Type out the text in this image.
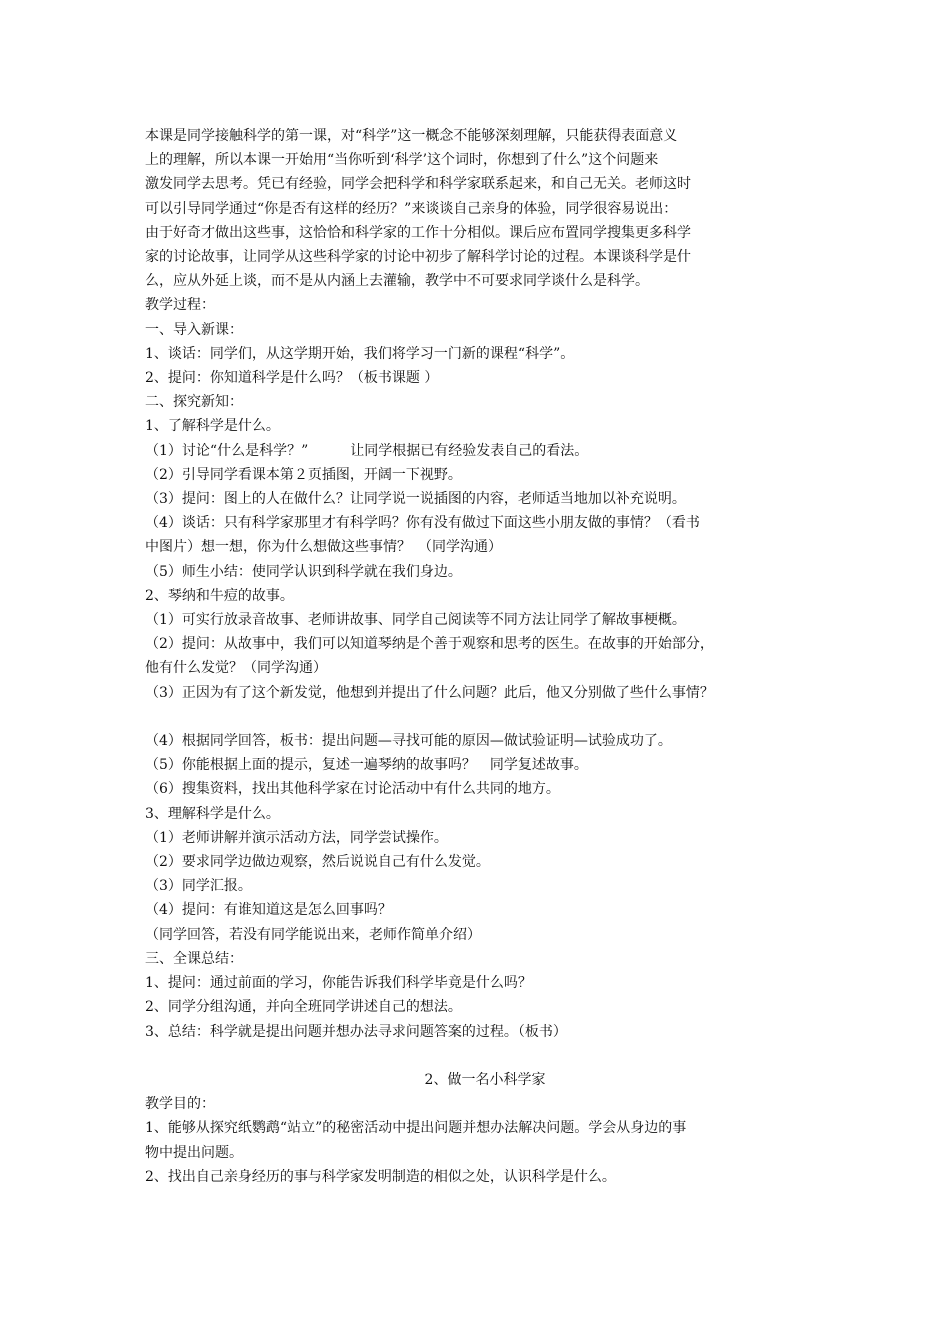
本课是同学接触科学的第一课，对“科学”这一概念不能够深刻理解，只能获得表面意义
上的理解，所以本课一开始用“当你听到‘科学’这个词时，你想到了什么”这个问题来
激发同学去思考。凭已有经验，同学会把科学和科学家联系起来，和自己无关。老师这时
可以引导同学通过“你是否有这样的经历？”来谈谈自己亲身的体验，同学很容易说出：
由于好奇才做出这些事，这恰恰和科学家的工作十分相似。课后应布置同学搜集更多科学
家的讨论故事，让同学从这些科学家的讨论中初步了解科学讨论的过程。本课谈科学是什
么，应从外延上谈，而不是从内涵上去灌输，教学中不可要求同学谈什么是科学。
教学过程：
一、导入新课：
1、谈话：同学们，从这学期开始，我们将学习一门新的课程“科学”。
2、提问：你知道科学是什么吗？（板书课题 ）
二、探究新知：
1、了解科学是什么。
（1）讨论“什么是科学？”　　　让同学根据已有经验发表自己的看法。
（2）引导同学看课本第２页插图，开阔一下视野。
（3）提问：图上的人在做什么？让同学说一说插图的内容，老师适当地加以补充说明。
（4）谈话：只有科学家那里才有科学吗？你有没有做过下面这些小朋友做的事情？（看书
中图片）想一想，你为什么想做这些事情？　（同学沟通）
（5）师生小结：使同学认识到科学就在我们身边。
2、琴纳和牛痘的故事。
（1）可实行放录音故事、老师讲故事、同学自己阅读等不同方法让同学了解故事梗概。
（2）提问：从故事中，我们可以知道琴纳是个善于观察和思考的医生。在故事的开始部分，
他有什么发觉？（同学沟通）
（3）正因为有了这个新发觉，他想到并提出了什么问题？此后，他又分别做了些什么事情？
（4）根据同学回答，板书：提出问题—寻找可能的原因—做试验证明—试验成功了。
（5）你能根据上面的提示，复述一遍琴纳的故事吗？　同学复述故事。
（6）搜集资料，找出其他科学家在讨论活动中有什么共同的地方。
3、理解科学是什么。
（1）老师讲解并演示活动方法，同学尝试操作。
（2）要求同学边做边观察，然后说说自己有什么发觉。
（3）同学汇报。
（4）提问：有谁知道这是怎么回事吗？
（同学回答，若没有同学能说出来，老师作简单介绍）
三、全课总结：
1、提问：通过前面的学习，你能告诉我们科学毕竟是什么吗？
2、同学分组沟通，并向全班同学讲述自己的想法。
3、总结：科学就是提出问题并想办法寻求问题答案的过程。（板书）
2、做一名小科学家
教学目的：
1、能够从探究纸鹦鹉“站立”的秘密活动中提出问题并想办法解决问题。学会从身边的事
物中提出问题。
2、找出自己亲身经历的事与科学家发明制造的相似之处，认识科学是什么。
